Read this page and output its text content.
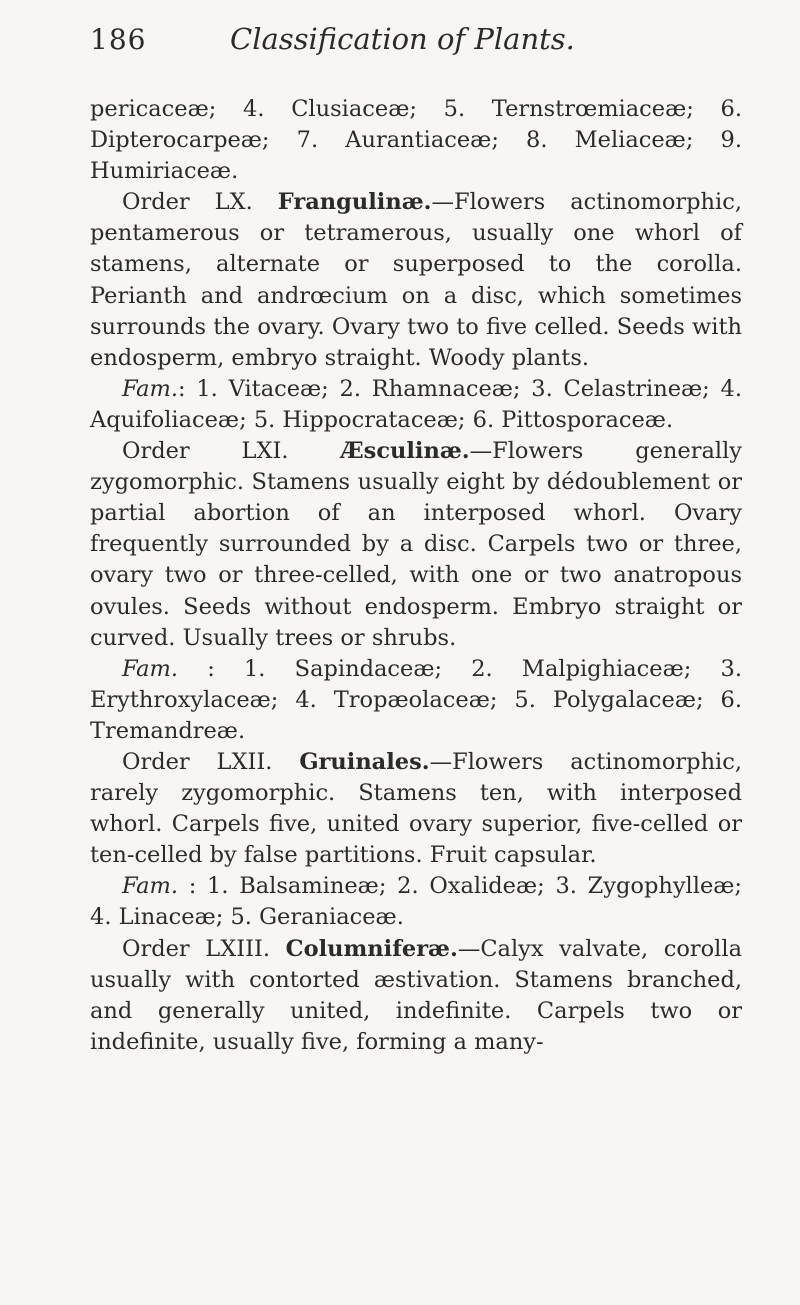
186	Classification of Plants.

pericaceæ; 4. Clusiaceæ; 5. Ternstrœmiaceæ; 6. Dipterocarpeæ; 7. Aurantiaceæ; 8. Meliaceæ; 9. Humiriaceæ.

Order LX. Frangulinæ.—Flowers actinomorphic, pentamerous or tetramerous, usually one whorl of stamens, alternate or superposed to the corolla. Perianth and andrœcium on a disc, which sometimes surrounds the ovary. Ovary two to five celled. Seeds with endosperm, embryo straight. Woody plants.

Fam.: 1. Vitaceæ; 2. Rhamnaceæ; 3. Celastrineæ; 4. Aquifoliaceæ; 5. Hippocrataceæ; 6. Pittosporaceæ.

Order LXI. Æsculinæ.—Flowers generally zygomorphic. Stamens usually eight by dédoublement or partial abortion of an interposed whorl. Ovary frequently surrounded by a disc. Carpels two or three, ovary two or three-celled, with one or two anatropous ovules. Seeds without endosperm. Embryo straight or curved. Usually trees or shrubs.

Fam. : 1. Sapindaceæ; 2. Malpighiaceæ; 3. Erythroxylaceæ; 4. Tropæolaceæ; 5. Polygalaceæ; 6. Tremandreæ.

Order LXII. Gruinales.—Flowers actinomorphic, rarely zygomorphic. Stamens ten, with interposed whorl. Carpels five, united ovary superior, five-celled or ten-celled by false partitions. Fruit capsular.

Fam. : 1. Balsamineæ; 2. Oxalideæ; 3. Zygophylleæ; 4. Linaceæ; 5. Geraniaceæ.

Order LXIII. Columniferæ.—Calyx valvate, corolla usually with contorted æstivation. Stamens branched, and generally united, indefinite. Carpels two or indefinite, usually five, forming a many-
